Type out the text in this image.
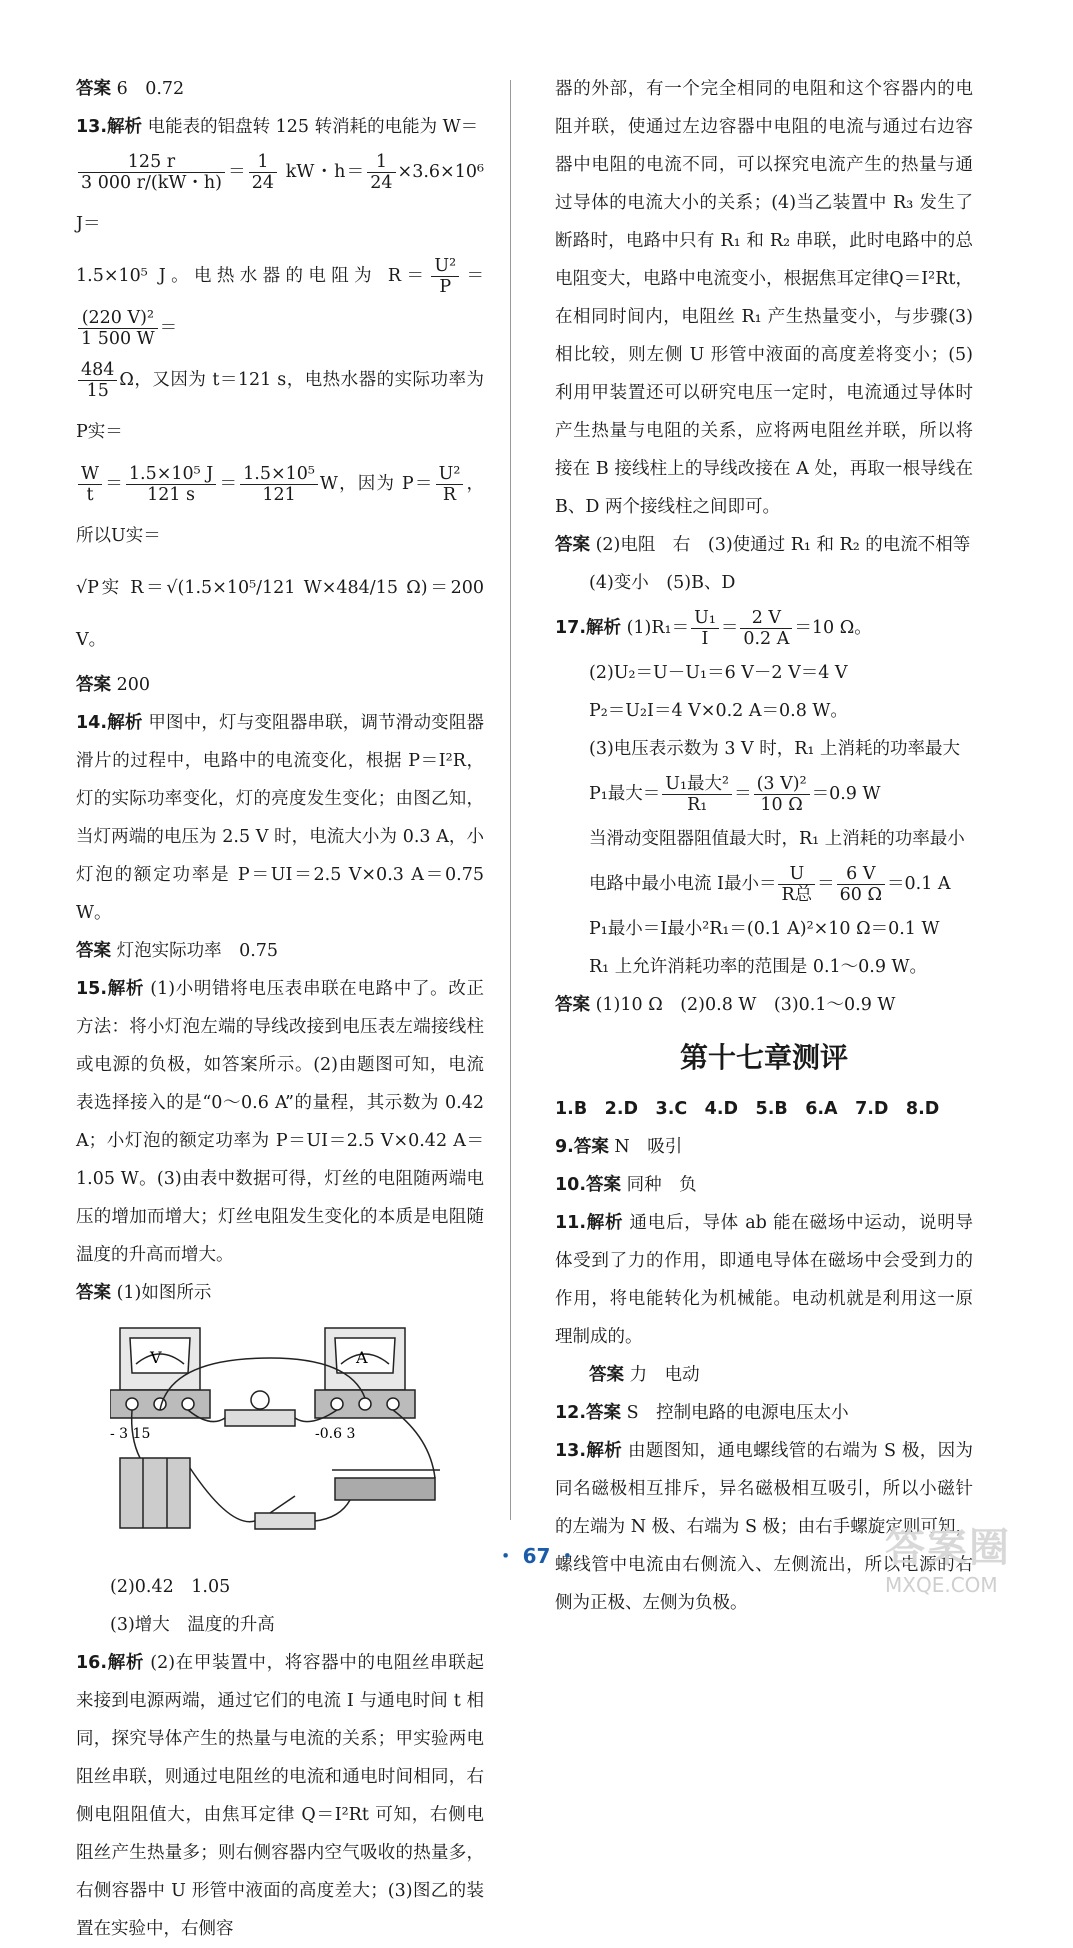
答案 6　0.72

13.解析 电能表的铝盘转 125 转消耗的电能为 W＝

$\frac{125 r}{3 000 r/(kW・h)} = \frac{1}{24}$ kW・$h= \frac{1}{24} \times 3.6\times 10^6$ J＝

1.5×10⁵ J。电热水器的电阻为 $R= \frac{\text{U²}}{P}$ ＝
$\frac{\text{(220 V)²}}{1 500 W}$ ＝

$\frac{484}{15}$ Ω，又因为 t＝121 s，电热水器的实际功率为 P实＝

$\frac{W}{t} = \frac{\text{1.5×10⁵ J}}{121 s} = \frac{\text{1.5×10⁵}}{121}$ W，因为 $P= \frac{\text{U²}}{R}$ ，所以U实＝

√P实 R＝√(1.5×10⁵/121 W×484/15 Ω)＝200 V。

答案 200

14.解析 甲图中，灯与变阻器串联，调节滑动变阻器滑片的过程中，电路中的电流变化，根据 P＝I²R，灯的实际功率变化，灯的亮度发生变化；由图乙知，当灯两端的电压为 2.5 V 时，电流大小为 0.3 A，小灯泡的额定功率是 P＝UI＝2.5 V×0.3 A＝0.75 W。

答案 灯泡实际功率　0.75

15.解析 (1)小明错将电压表串联在电路中了。改正方法：将小灯泡左端的导线改接到电压表左端接线柱或电源的负极，如答案所示。(2)由题图可知，电流表选择接入的是“0～0.6 A”的量程，其示数为 0.42 A；小灯泡的额定功率为 P＝UI＝2.5 V×0.42 A＝1.05 W。(3)由表中数据可得，灯丝的电阻随两端电压的增加而增大；灯丝电阻发生变化的本质是电阻随温度的升高而增大。

答案 (1)如图所示

V	A
- 3 15	-0.6 3

(2)0.42　1.05

(3)增大　温度的升高

16.解析 (2)在甲装置中，将容器中的电阻丝串联起来接到电源两端，通过它们的电流 I 与通电时间 t 相同，探究导体产生的热量与电流的关系；甲实验两电阻丝串联，则通过电阻丝的电流和通电时间相同，右侧电阻阻值大，由焦耳定律 Q＝I²Rt 可知，右侧电阻丝产生热量多；则右侧容器内空气吸收的热量多，右侧容器中 U 形管中液面的高度差大；(3)图乙的装置在实验中，右侧容

器的外部，有一个完全相同的电阻和这个容器内的电阻并联，使通过左边容器中电阻的电流与通过右边容器中电阻的电流不同，可以探究电流产生的热量与通过导体的电流大小的关系；(4)当乙装置中 R₃ 发生了断路时，电路中只有 R₁ 和 R₂ 串联，此时电路中的总电阻变大，电路中电流变小，根据焦耳定律Q＝I²Rt，在相同时间内，电阻丝 R₁ 产生热量变小，与步骤(3)相比较，则左侧 U 形管中液面的高度差将变小；(5)利用甲装置还可以研究电压一定时，电流通过导体时产生热量与电阻的关系，应将两电阻丝并联，所以将接在 B 接线柱上的导线改接在 A 处，再取一根导线在 B、D 两个接线柱之间即可。

答案 (2)电阻　右　(3)使通过 R₁ 和 R₂ 的电流不相等

(4)变小　(5)B、D

17.解析 $(1)R_1= \frac{\text{U₁}}{I} = \frac{2 V}{0.2 A} =10$ Ω。

(2)U₂＝U－U₁＝6 V－2 V＝4 V

P₂＝U₂I＝4 V×0.2 A＝0.8 W。

(3)电压表示数为 3 V 时，R₁ 上消耗的功率最大

P₁最大＝ $\frac{\text{U₁最大²}}{\text{R₁}} = \frac{\text{(3 V)²}}{10 \Omega} =0.9$ W

当滑动变阻器阻值最大时，R₁ 上消耗的功率最小

电路中最小电流 I最小＝ $\frac{U}{\text{R总}} = \frac{6 V}{60 \Omega} =0.1$ A

P₁最小＝I最小²R₁＝(0.1 A)²×10 Ω＝0.1 W

R₁ 上允许消耗功率的范围是 0.1～0.9 W。

答案 (1)10 Ω　(2)0.8 W　(3)0.1～0.9 W

第十七章测评

1.B　2.D　3.C　4.D　5.B　6.A　7.D　8.D

9.答案 N　吸引

10.答案 同种　负

11.解析 通电后，导体 ab 能在磁场中运动，说明导体受到了力的作用，即通电导体在磁场中会受到力的作用，将电能转化为机械能。电动机就是利用这一原理制成的。

答案 力　电动

12.答案 S　控制电路的电源电压太小

13.解析 由题图知，通电螺线管的右端为 S 极，因为同名磁极相互排斥，异名磁极相互吸引，所以小磁针的左端为 N 极、右端为 S 极；由右手螺旋定则可知，螺线管中电流由右侧流入、左侧流出，所以电源的右侧为正极、左侧为负极。

・ 67 ・	答案圈
MXQE.COM
